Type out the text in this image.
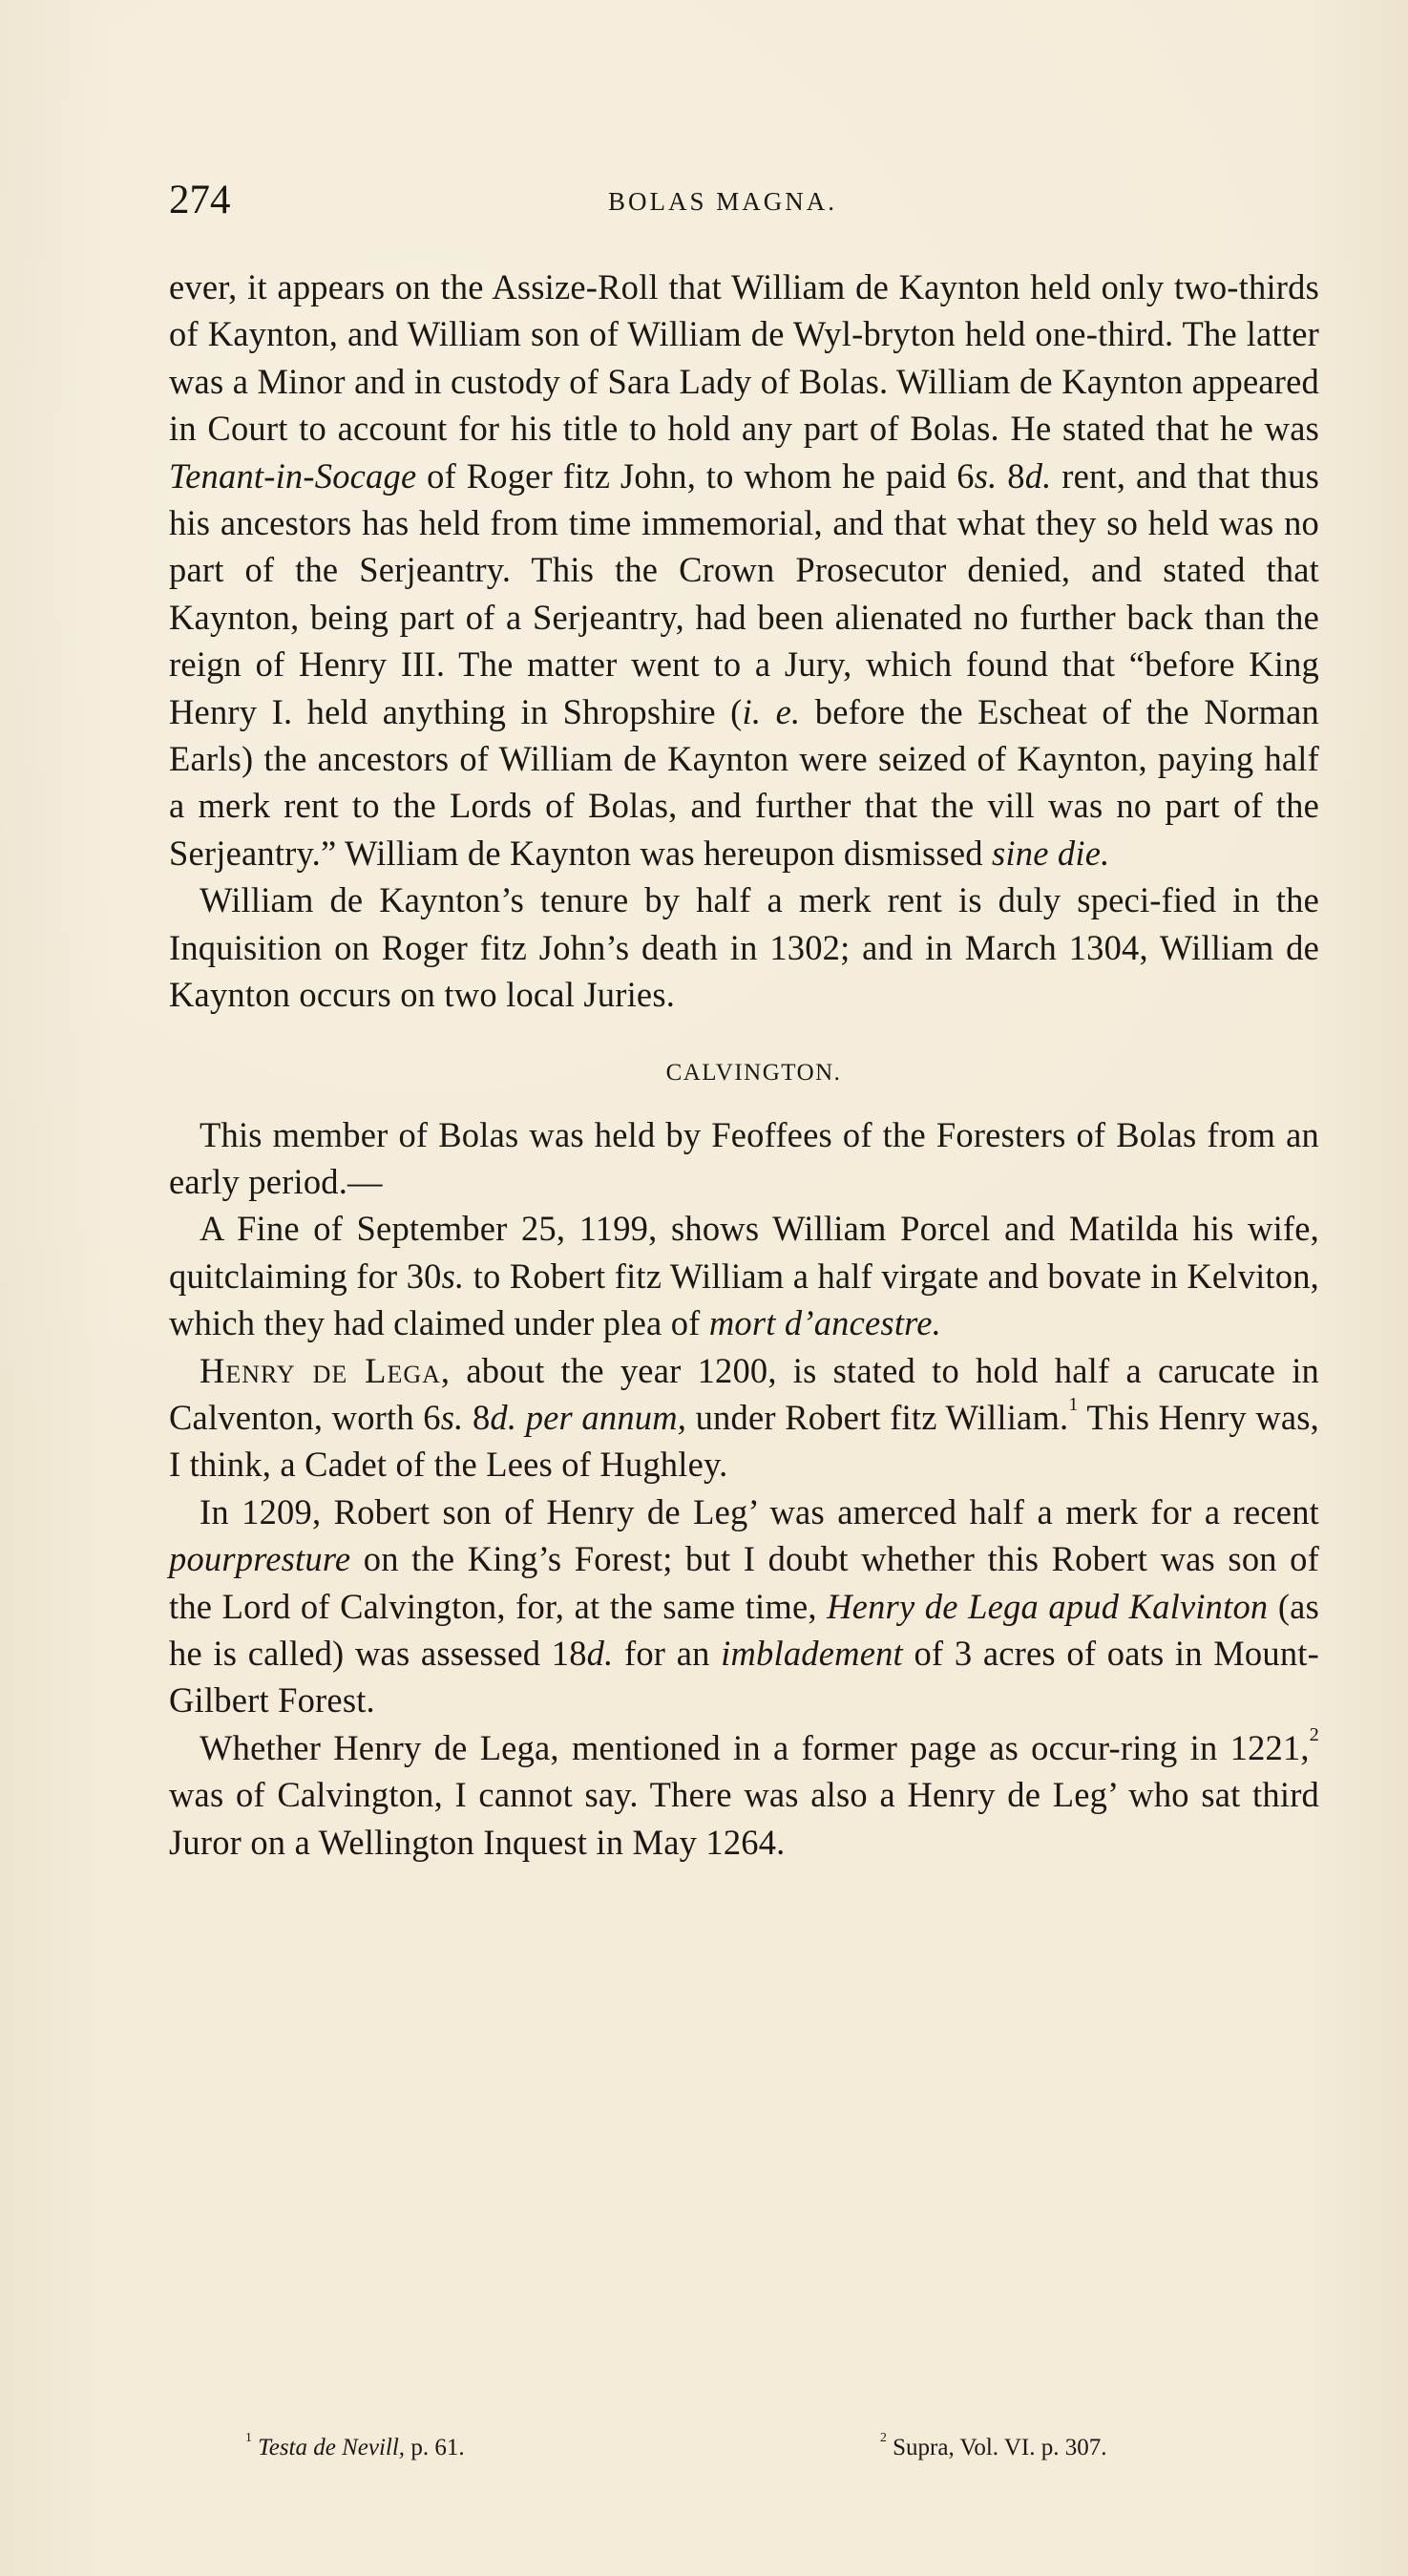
274	BOLAS MAGNA.

ever, it appears on the Assize-Roll that William de Kaynton held only two-thirds of Kaynton, and William son of William de Wyl-bryton held one-third. The latter was a Minor and in custody of Sara Lady of Bolas. William de Kaynton appeared in Court to account for his title to hold any part of Bolas. He stated that he was Tenant-in-Socage of Roger fitz John, to whom he paid 6s. 8d. rent, and that thus his ancestors has held from time immemorial, and that what they so held was no part of the Serjeantry. This the Crown Prosecutor denied, and stated that Kaynton, being part of a Serjeantry, had been alienated no further back than the reign of Henry III. The matter went to a Jury, which found that “before King Henry I. held anything in Shropshire (i. e. before the Escheat of the Norman Earls) the ancestors of William de Kaynton were seized of Kaynton, paying half a merk rent to the Lords of Bolas, and further that the vill was no part of the Serjeantry.” William de Kaynton was hereupon dismissed sine die.

William de Kaynton’s tenure by half a merk rent is duly speci-fied in the Inquisition on Roger fitz John’s death in 1302; and in March 1304, William de Kaynton occurs on two local Juries.

CALVINGTON.

This member of Bolas was held by Feoffees of the Foresters of Bolas from an early period.—

A Fine of September 25, 1199, shows William Porcel and Matilda his wife, quitclaiming for 30s. to Robert fitz William a half virgate and bovate in Kelviton, which they had claimed under plea of mort d’ancestre.

Henry de Lega, about the year 1200, is stated to hold half a carucate in Calventon, worth 6s. 8d. per annum, under Robert fitz William.$^1$ This Henry was, I think, a Cadet of the Lees of Hughley.

In 1209, Robert son of Henry de Leg’ was amerced half a merk for a recent pourpresture on the King’s Forest; but I doubt whether this Robert was son of the Lord of Calvington, for, at the same time, Henry de Lega apud Kalvinton (as he is called) was assessed 18d. for an imbladement of 3 acres of oats in Mount-Gilbert Forest.

Whether Henry de Lega, mentioned in a former page as occur-ring in 1221,$^2$ was of Calvington, I cannot say. There was also a Henry de Leg’ who sat third Juror on a Wellington Inquest in May 1264.

$^1$ Testa de Nevill, p. 61.	$^2$ Supra, Vol. VI. p. 307.
